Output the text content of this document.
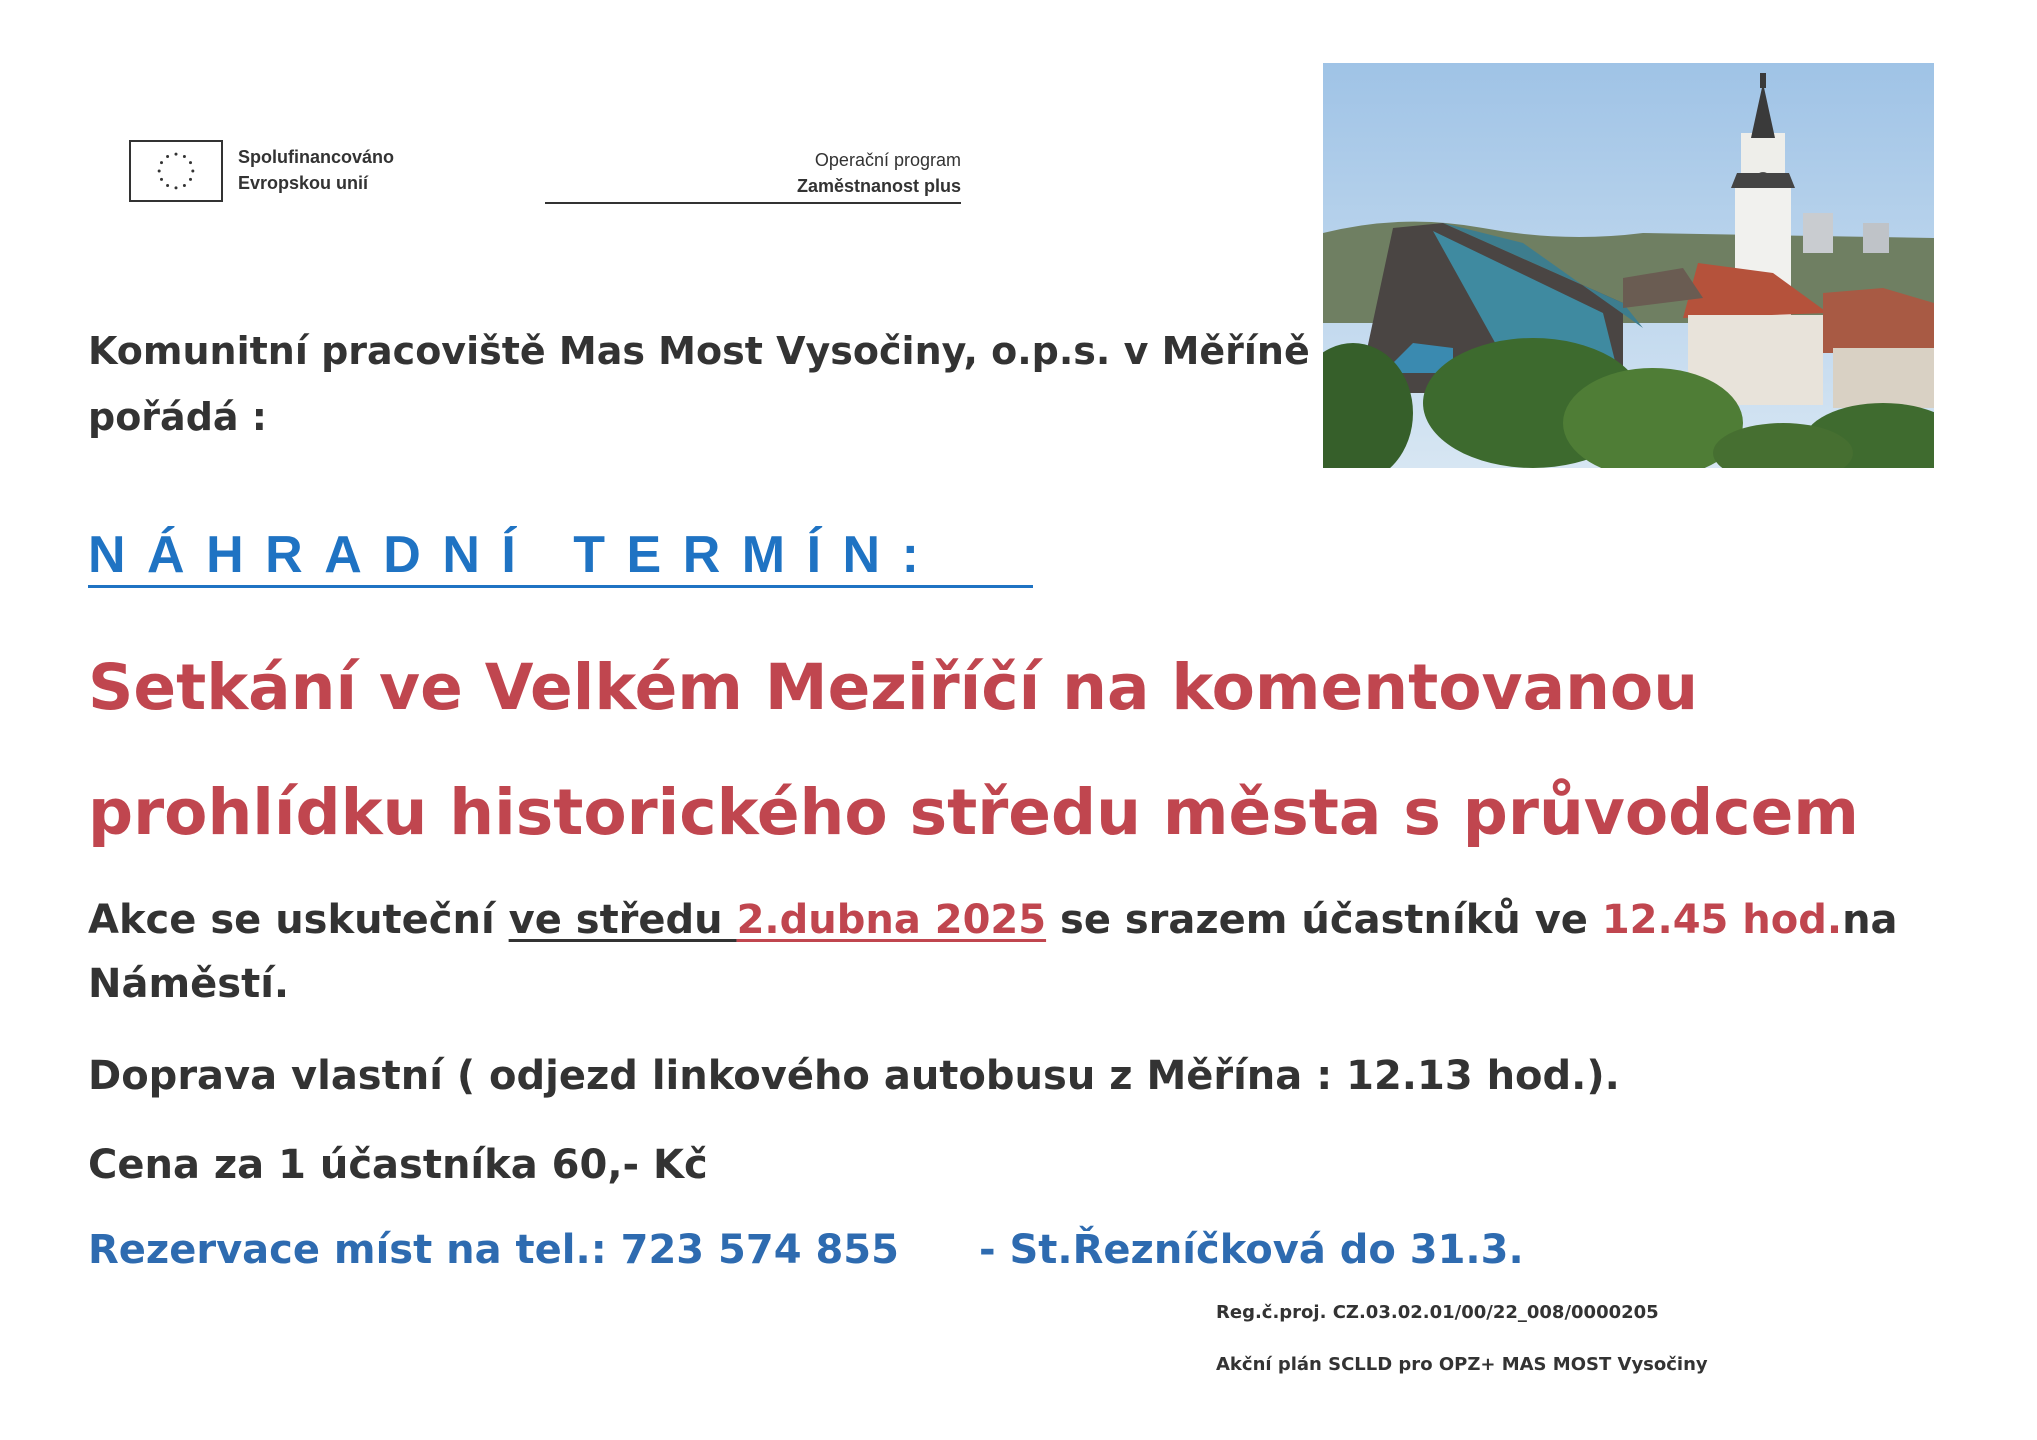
Spolufinancováno
Evropskou unií
Operační program
Zaměstnanost plus
Komunitní pracoviště Mas Most Vysočiny, o.p.s. v Měříně
pořádá :
NÁHRADNÍ TERMÍN:
Setkání ve Velkém Meziříčí na komentovanou
prohlídku historického středu města s průvodcem
Akce se uskuteční ve středu 2.dubna 2025 se srazem účastníků ve 12.45 hod.na
Náměstí.
Doprava vlastní ( odjezd linkového autobusu z Měřína : 12.13 hod.).
Cena za 1 účastníka 60,- Kč
Rezervace míst na tel.: 723 574 855 - St.Řezníčková do 31.3.
Reg.č.proj. CZ.03.02.01/00/22_008/0000205
Akční plán SCLLD pro OPZ+ MAS MOST Vysočiny
